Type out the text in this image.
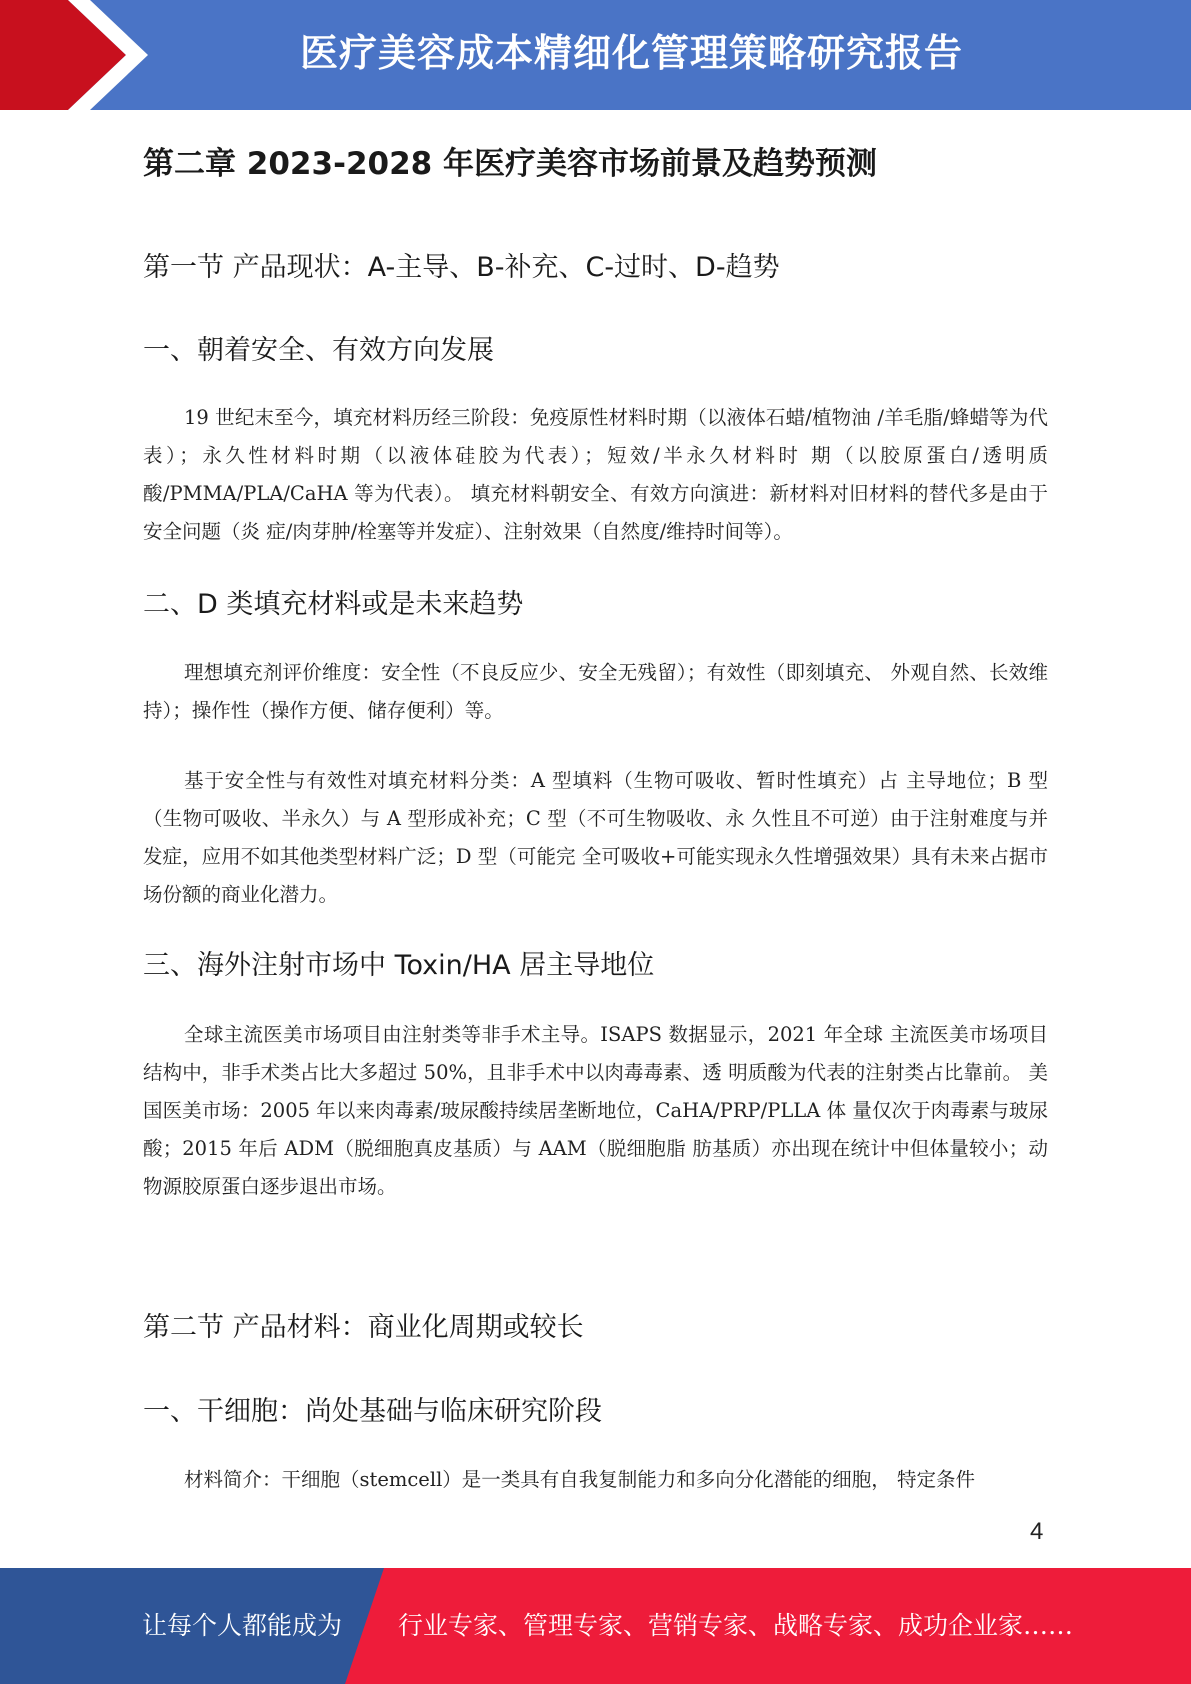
医疗美容成本精细化管理策略研究报告
第二章 2023-2028 年医疗美容市场前景及趋势预测
第一节 产品现状：A-主导、B-补充、C-过时、D-趋势
一、朝着安全、有效方向发展

19 世纪末至今，填充材料历经三阶段：免疫原性材料时期（以液体石蜡/植物油 /羊毛脂/蜂蜡等为代表）；永久性材料时期（以液体硅胶为代表）；短效/半永久材料时 期（以胶原蛋白/透明质酸/PMMA/PLA/CaHA 等为代表）。 填充材料朝安全、有效方向演进：新材料对旧材料的替代多是由于安全问题（炎 症/肉芽肿/栓塞等并发症）、注射效果（自然度/维持时间等）。

二、D 类填充材料或是未来趋势

理想填充剂评价维度：安全性（不良反应少、安全无残留）；有效性（即刻填充、 外观自然、长效维持）；操作性（操作方便、储存便利）等。

基于安全性与有效性对填充材料分类：A 型填料（生物可吸收、暂时性填充）占 主导地位；B 型（生物可吸收、半永久）与 A 型形成补充；C 型（不可生物吸收、永 久性且不可逆）由于注射难度与并发症，应用不如其他类型材料广泛；D 型（可能完 全可吸收+可能实现永久性增强效果）具有未来占据市场份额的商业化潜力。

三、海外注射市场中 Toxin/HA 居主导地位

全球主流医美市场项目由注射类等非手术主导。ISAPS 数据显示，2021 年全球 主流医美市场项目结构中，非手术类占比大多超过 50%，且非手术中以肉毒毒素、透 明质酸为代表的注射类占比靠前。 美国医美市场：2005 年以来肉毒素/玻尿酸持续居垄断地位，CaHA/PRP/PLLA 体 量仅次于肉毒素与玻尿酸；2015 年后 ADM（脱细胞真皮基质）与 AAM（脱细胞脂 肪基质）亦出现在统计中但体量较小；动物源胶原蛋白逐步退出市场。

第二节 产品材料：商业化周期或较长
一、干细胞：尚处基础与临床研究阶段

材料简介：干细胞（stemcell）是一类具有自我复制能力和多向分化潜能的细胞， 特定条件

4
让每个人都能成为 行业专家、管理专家、营销专家、战略专家、成功企业家……
